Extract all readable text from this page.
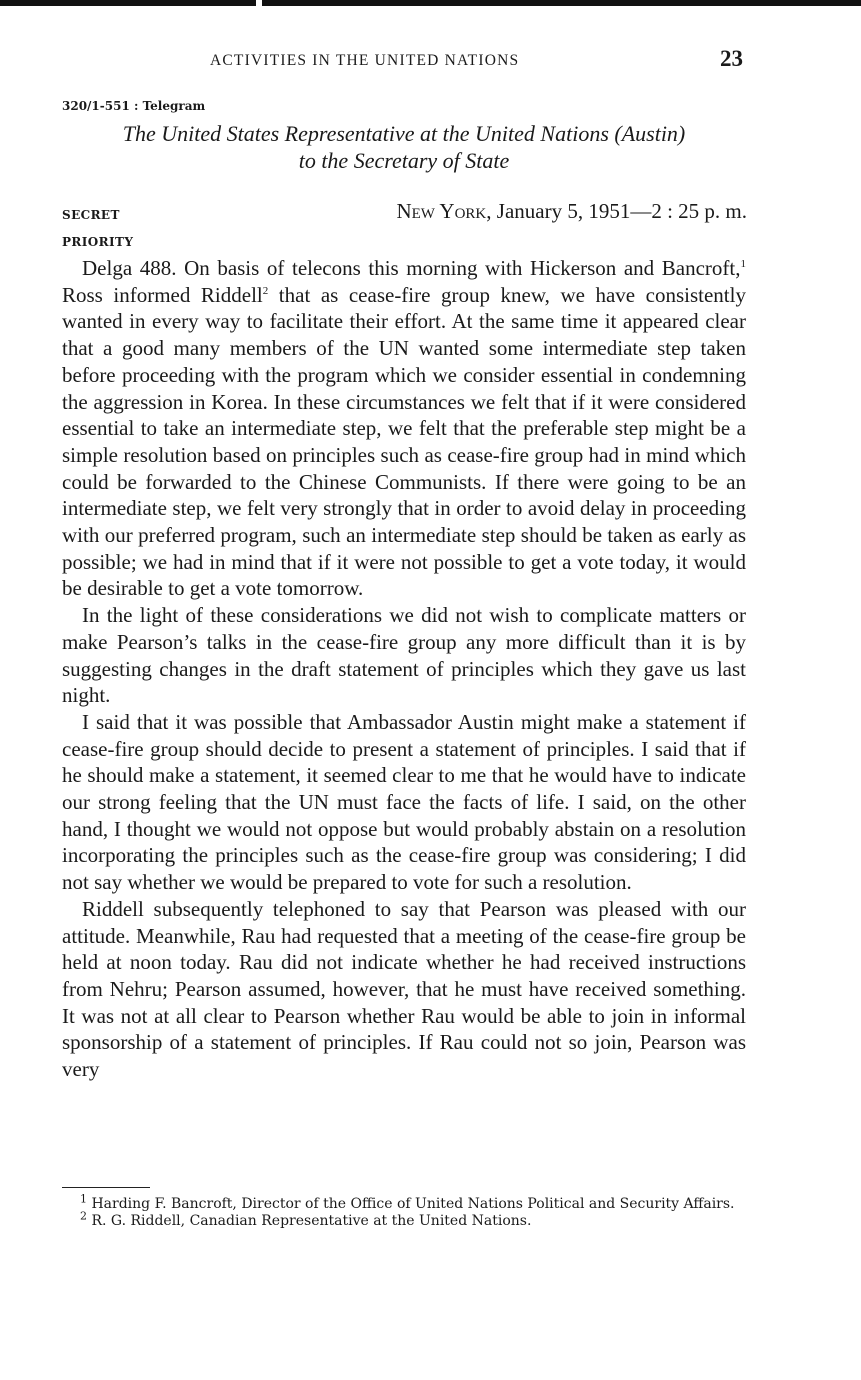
ACTIVITIES IN THE UNITED NATIONS	23
320/1-551 : Telegram
The United States Representative at the United Nations (Austin)
to the Secretary of State
SECRET
PRIORITY
New York, January 5, 1951—2 : 25 p. m.

Delga 488. On basis of telecons this morning with Hickerson and Bancroft,$^1$ Ross informed Riddell$^2$ that as cease-fire group knew, we have consistently wanted in every way to facilitate their effort. At the same time it appeared clear that a good many members of the UN wanted some intermediate step taken before proceeding with the program which we consider essential in condemning the aggression in Korea. In these circumstances we felt that if it were considered essential to take an intermediate step, we felt that the preferable step might be a simple resolution based on principles such as cease-fire group had in mind which could be forwarded to the Chinese Communists. If there were going to be an intermediate step, we felt very strongly that in order to avoid delay in proceeding with our preferred program, such an intermediate step should be taken as early as possible; we had in mind that if it were not possible to get a vote today, it would be desirable to get a vote tomorrow.

In the light of these considerations we did not wish to complicate matters or make Pearson’s talks in the cease-fire group any more difficult than it is by suggesting changes in the draft statement of principles which they gave us last night.

I said that it was possible that Ambassador Austin might make a statement if cease-fire group should decide to present a statement of principles. I said that if he should make a statement, it seemed clear to me that he would have to indicate our strong feeling that the UN must face the facts of life. I said, on the other hand, I thought we would not oppose but would probably abstain on a resolution incorporating the principles such as the cease-fire group was considering; I did not say whether we would be prepared to vote for such a resolution.

Riddell subsequently telephoned to say that Pearson was pleased with our attitude. Meanwhile, Rau had requested that a meeting of the cease-fire group be held at noon today. Rau did not indicate whether he had received instructions from Nehru; Pearson assumed, however, that he must have received something. It was not at all clear to Pearson whether Rau would be able to join in informal sponsorship of a statement of principles. If Rau could not so join, Pearson was very

$^1$ Harding F. Bancroft, Director of the Office of United Nations Political and Security Affairs.

$^2$ R. G. Riddell, Canadian Representative at the United Nations.
